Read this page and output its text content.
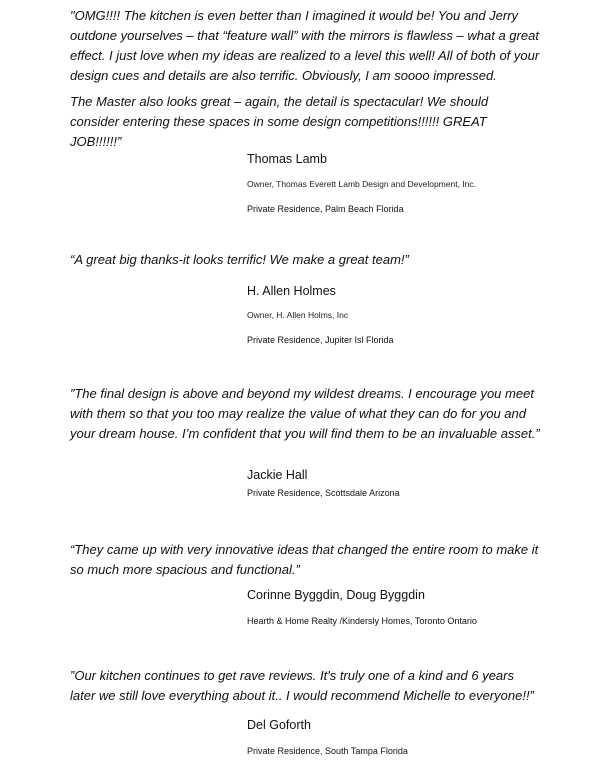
"OMG!!!! The kitchen is even better than I imagined it would be! You and Jerry outdone yourselves – that “feature wall” with the mirrors is flawless – what a great effect. I just love when my ideas are realized to a level this well! All of both of your design cues and details are also terrific. Obviously, I am soooo impressed.

The Master also looks great – again, the detail is spectacular! We should consider entering these spaces in some design competitions!!!!!! GREAT JOB!!!!!!”

Thomas Lamb
Owner, Thomas Everett Lamb Design and Development, Inc.
Private Residence, Palm Beach Florida

“A great big thanks-it looks terrific! We make a great team!”

H. Allen Holmes
Owner, H. Allen Holms, Inc
Private Residence, Jupiter Isl Florida

”The final design is above and beyond my wildest dreams. I encourage you meet with them so that you too may realize the value of what they can do for you and your dream house. I’m confident that you will find them to be an invaluable asset.”

Jackie Hall
Private Residence, Scottsdale Arizona

“They came up with very innovative ideas that changed the entire room to make it so much more spacious and functional.”

Corinne Byggdin, Doug Byggdin
Hearth & Home Realty /Kindersly Homes, Toronto Ontario

”Our kitchen continues to get rave reviews. It's truly one of a kind and 6 years later we still love everything about it.. I would recommend Michelle to everyone!!”

Del Goforth
Private Residence, South Tampa Florida
